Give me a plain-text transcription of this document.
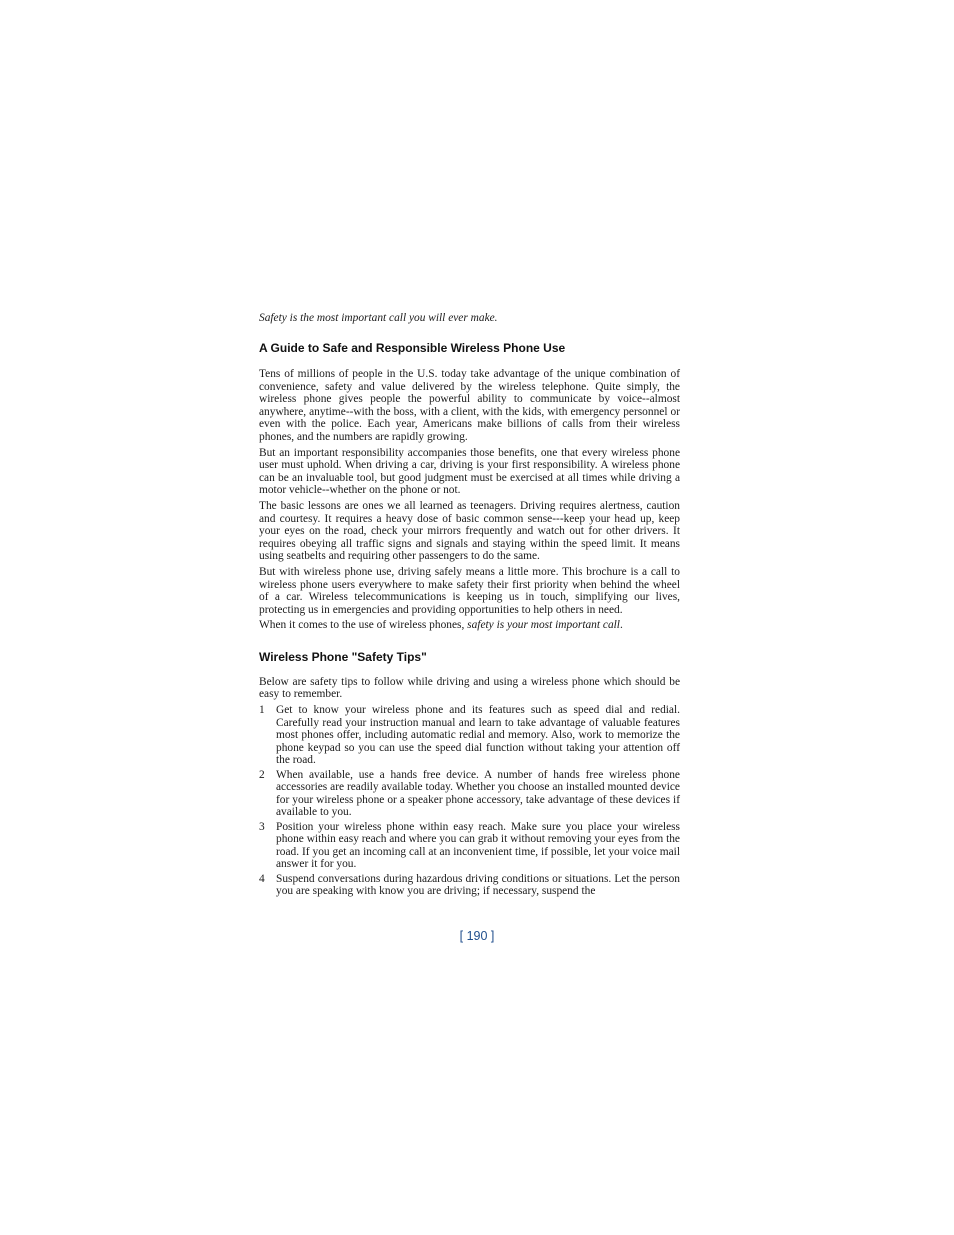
Safety is the most important call you will ever make.
A Guide to Safe and Responsible Wireless Phone Use

Tens of millions of people in the U.S. today take advantage of the unique combination of convenience, safety and value delivered by the wireless telephone. Quite simply, the wireless phone gives people the powerful ability to communicate by voice--almost anywhere, anytime--with the boss, with a client, with the kids, with emergency personnel or even with the police. Each year, Americans make billions of calls from their wireless phones, and the numbers are rapidly growing.

But an important responsibility accompanies those benefits, one that every wireless phone user must uphold. When driving a car, driving is your first responsibility. A wireless phone can be an invaluable tool, but good judgment must be exercised at all times while driving a motor vehicle--whether on the phone or not.

The basic lessons are ones we all learned as teenagers. Driving requires alertness, caution and courtesy. It requires a heavy dose of basic common sense---keep your head up, keep your eyes on the road, check your mirrors frequently and watch out for other drivers. It requires obeying all traffic signs and signals and staying within the speed limit. It means using seatbelts and requiring other passengers to do the same.

But with wireless phone use, driving safely means a little more. This brochure is a call to wireless phone users everywhere to make safety their first priority when behind the wheel of a car. Wireless telecommunications is keeping us in touch, simplifying our lives, protecting us in emergencies and providing opportunities to help others in need.

When it comes to the use of wireless phones, safety is your most important call.

Wireless Phone "Safety Tips"

Below are safety tips to follow while driving and using a wireless phone which should be easy to remember.

1 Get to know your wireless phone and its features such as speed dial and redial. Carefully read your instruction manual and learn to take advantage of valuable features most phones offer, including automatic redial and memory. Also, work to memorize the phone keypad so you can use the speed dial function without taking your attention off the road.
2 When available, use a hands free device. A number of hands free wireless phone accessories are readily available today. Whether you choose an installed mounted device for your wireless phone or a speaker phone accessory, take advantage of these devices if available to you.
3 Position your wireless phone within easy reach. Make sure you place your wireless phone within easy reach and where you can grab it without removing your eyes from the road. If you get an incoming call at an inconvenient time, if possible, let your voice mail answer it for you.
4 Suspend conversations during hazardous driving conditions or situations. Let the person you are speaking with know you are driving; if necessary, suspend the
[ 190 ]
